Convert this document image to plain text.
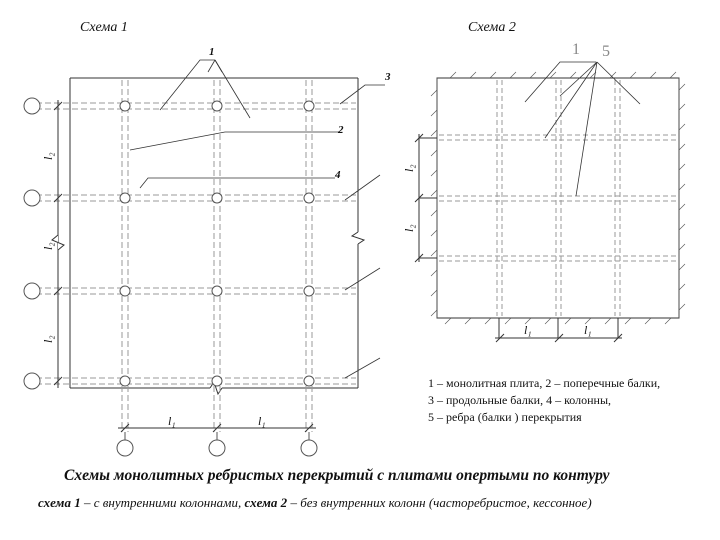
Схема 1	Схема 2
1
2
3
4
l₂
l₂
l₂
l₁	l₁
1 5
l₂
l₂
l₁	l₁
1 – монолитная плита, 2 – поперечные балки,
3 – продольные балки, 4 – колонны,
5 – ребра (балки ) перекрытия
Схемы монолитных ребристых перекрытий с плитами опертыми по контуру
схема 1 – с внутренними колоннами, схема 2 – без внутренних колонн (часторебристое, кессонное)
